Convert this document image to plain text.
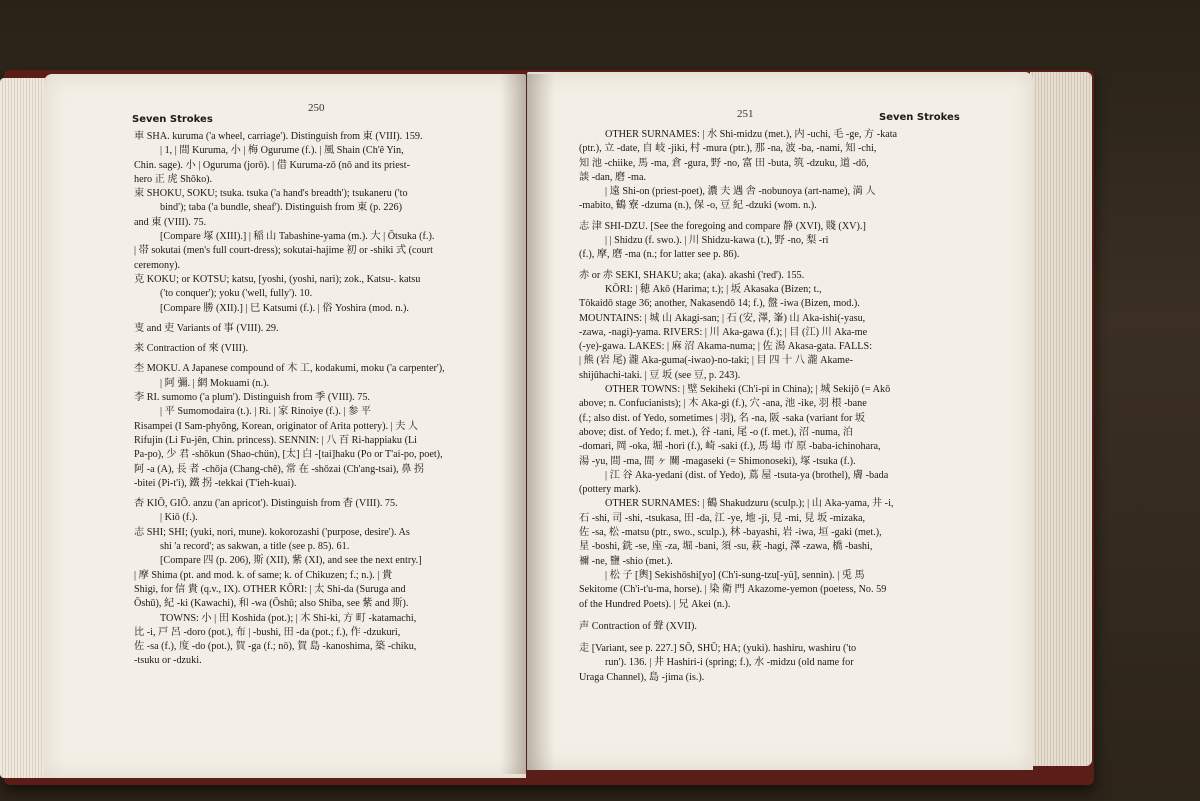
Seven Strokes
250
車 SHA. kuruma ('a wheel, carriage'). Distinguish from 東 (VIII). 159.
| 1, | 間 Kuruma, 小 | 梅 Ogurume (f.). | 風 Shain (Ch'ê Yin,
Chin. sage). 小 | Oguruma (jorō). | 借 Kuruma-zō (nō and its priest-
hero 正 虎 Shōko).
束 SHOKU, SOKU; tsuka. tsuka ('a hand's breadth'); tsukaneru ('to
bind'); taba ('a bundle, sheaf'). Distinguish from 東 (p. 226)
and 東 (VIII). 75.
[Compare 塚 (XIII).] | 稲 山 Tabashine-yama (m.). 大 | Ōtsuka (f.).
| 帯 sokutai (men's full court-dress); sokutai-hajime 初 or -shiki 式 (court
ceremony).
克 KOKU; or KOTSU; katsu, [yoshi, (yoshi, nari); zok., Katsu-. katsu
('to conquer'); yoku ('well, fully'). 10.
[Compare 勝 (XII).] | 巳 Katsumi (f.). | 俗 Yoshira (mod. n.).
叓 and 吏 Variants of 事 (VIII). 29.
来 Contraction of 來 (VIII).
杢 MOKU. A Japanese compound of 木 工, kodakumi, moku ('a carpenter'),
| 阿 彌. | 網 Mokuami (n.).
李 RI. sumomo ('a plum'). Distinguish from 季 (VIII). 75.
| 平 Sumomodaira (t.). | Ri. | 家 Rinoiye (f.). | 参 平
Risampei (I Sam-phyŏng, Korean, originator of Arita pottery). | 夫 人
Rifujin (Li Fu-jên, Chin. princess). SENNIN: | 八 百 Ri-happiaku (Li
Pa-po), 少 君 -shōkun (Shao-chün), [太] 白 -[tai]haku (Po or T'ai-po, poet),
阿 -a (A), 長 者 -chōja (Chang-chê), 常 在 -shōzai (Ch'ang-tsai), 鼻 拐
-bitei (Pi-t'i), 鐵 拐 -tekkai (T'ieh-kuai).
杏 KIŌ, GIŌ. anzu ('an apricot'). Distinguish from 杳 (VIII). 75.
| Kiō (f.).
志 SHI; SHI; (yuki, nori, mune). kokorozashi ('purpose, desire'). As
shi 'a record'; as sakwan, a title (see p. 85). 61.
[Compare 四 (p. 206), 斯 (XII), 紫 (XI), and see the next entry.]
| 摩 Shima (pt. and mod. k. of same; k. of Chikuzen; f.; n.). | 貴
Shigi, for 信 貴 (q.v., IX). OTHER KŌRI: | 太 Shi-da (Suruga and
Ōshū), 紀 -ki (Kawachi), 和 -wa (Ōshū; also Shiba, see 紫 and 斯).
TOWNS: 小 | 田 Koshida (pot.); | 木 Shi-ki, 方 町 -katamachi,
比 -i, 戸 呂 -doro (pot.), 布 | -bushi, 田 -da (pot.; f.), 作 -dzukuri,
佐 -sa (f.), 度 -do (pot.), 賀 -ga (f.; nō), 賀 島 -kanoshima, 築 -chiku,
-tsuku or -dzuki.
251	Seven Strokes
OTHER SURNAMES: | 水 Shi-midzu (met.), 内 -uchi, 毛 -ge, 方 -kata
(ptr.), 立 -date, 自 岐 -jiki, 村 -mura (ptr.), 那 -na, 波 -ba, -nami, 知 -chi,
知 池 -chiike, 馬 -ma, 倉 -gura, 野 -no, 富 田 -buta, 筑 -dzuku, 道 -dō,
談 -dan, 磨 -ma.
| 遠 Shi-on (priest-poet), 濃 夫 遇 舎 -nobunoya (art-name), 満 人
-mabito, 鶴 寮 -dzuma (n.), 保 -o, 豆 紀 -dzuki (wom. n.).
志 津 SHI-DZU. [See the foregoing and compare 静 (XVI), 賤 (XV).]
| | Shidzu (f. swo.). | 川 Shidzu-kawa (t.), 野 -no, 梨 -ri
(f.), 摩, 磨 -ma (n.; for latter see p. 86).
赤 or 赤 SEKI, SHAKU; aka; (aka). akashi ('red'). 155.
KŌRI: | 穂 Akō (Harima; t.); | 坂 Akasaka (Bizen; t.,
Tōkaidō stage 36; another, Nakasendō 14; f.), 盤 -iwa (Bizen, mod.).
MOUNTAINS: | 城 山 Akagi-san; | 石 (安, 澤, 峯) 山 Aka-ishi(-yasu,
-zawa, -nagi)-yama. RIVERS: | 川 Aka-gawa (f.); | 目 (江) 川 Aka-me
(-ye)-gawa. LAKES: | 麻 沼 Akama-numa; | 佐 潟 Akasa-gata. FALLS:
| 熊 (岩 尾) 瀧 Aka-guma(-iwao)-no-taki; | 目 四 十 八 瀧 Akame-
shijūhachi-taki. | 豆 坂 (see 豆, p. 243).
OTHER TOWNS: | 壁 Sekiheki (Ch'i-pi in China); | 城 Sekijō (= Akō
above; n. Confucianists); | 木 Aka-gi (f.), 穴 -ana, 池 -ike, 羽 根 -bane
(f.; also dist. of Yedo, sometimes | 羽), 名 -na, 阪 -saka (variant for 坂
above; dist. of Yedo; f. met.), 谷 -tani, 尾 -o (f. met.), 沼 -numa, 泊
-domari, 岡 -oka, 堀 -hori (f.), 崎 -saki (f.), 馬 場 市 原 -baba-ichinohara,
湯 -yu, 間 -ma, 間 ヶ 關 -magaseki (= Shimonoseki), 塚 -tsuka (f.).
| 江 谷 Aka-yedani (dist. of Yedo), 蔦 屋 -tsuta-ya (brothel), 膚 -bada
(pottery mark).
OTHER SURNAMES: | 鶴 Shakudzuru (sculp.); | 山 Aka-yama, 井 -i,
石 -shi, 司 -shi, -tsukasa, 田 -da, 江 -ye, 地 -ji, 見 -mi, 見 坂 -mizaka,
佐 -sa, 松 -matsu (ptr., swo., sculp.), 林 -bayashi, 岩 -iwa, 垣 -gaki (met.),
星 -boshi, 銑 -se, 座 -za, 堀 -bani, 須 -su, 萩 -hagi, 澤 -zawa, 橋 -bashi,
禰 -ne, 鹽 -shio (met.).
| 松 子 [輿] Sekishōshi[yo] (Ch'i-sung-tzu[-yü], sennin). | 兎 馬
Sekitome (Ch'i-t'u-ma, horse). | 染 衛 門 Akazome-yemon (poetess, No. 59
of the Hundred Poets). | 兄 Akei (n.).
声 Contraction of 聲 (XVII).
走 [Variant, see p. 227.] SŌ, SHŪ; HA; (yuki). hashiru, washiru ('to
run'). 136. | 井 Hashiri-i (spring; f.), 水 -midzu (old name for
Uraga Channel), 島 -jima (is.).
